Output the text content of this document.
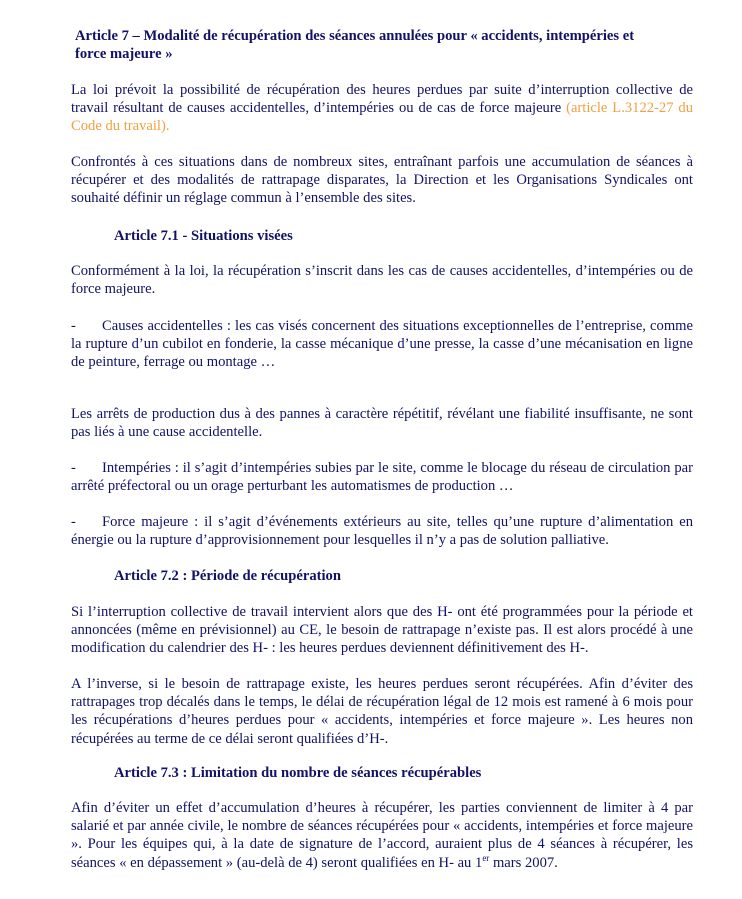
Article 7 – Modalité de récupération des séances annulées pour « accidents, intempéries et
force majeure »

La loi prévoit la possibilité de récupération des heures perdues par suite d’interruption collective de travail résultant de causes accidentelles, d’intempéries ou de cas de force majeure (article L.3122-27 du Code du travail).

Confrontés à ces situations dans de nombreux sites, entraînant parfois une accumulation de séances à récupérer et des modalités de rattrapage disparates, la Direction et les Organisations Syndicales ont souhaité définir un réglage commun à l’ensemble des sites.

Article 7.1 - Situations visées

Conformément à la loi, la récupération s’inscrit dans les cas de causes accidentelles, d’intempéries ou de force majeure.

- Causes accidentelles : les cas visés concernent des situations exceptionnelles de l’entreprise, comme la rupture d’un cubilot en fonderie, la casse mécanique d’une presse, la casse d’une mécanisation en ligne de peinture, ferrage ou montage …

Les arrêts de production dus à des pannes à caractère répétitif, révélant une fiabilité insuffisante, ne sont pas liés à une cause accidentelle.

- Intempéries : il s’agit d’intempéries subies par le site, comme le blocage du réseau de circulation par arrêté préfectoral ou un orage perturbant les automatismes de production …

- Force majeure : il s’agit d’événements extérieurs au site, telles qu’une rupture d’alimentation en énergie ou la rupture d’approvisionnement pour lesquelles il n’y a pas de solution palliative.

Article 7.2 : Période de récupération

Si l’interruption collective de travail intervient alors que des H- ont été programmées pour la période et annoncées (même en prévisionnel) au CE, le besoin de rattrapage n’existe pas. Il est alors procédé à une modification du calendrier des H- : les heures perdues deviennent définitivement des H-.

A l’inverse, si le besoin de rattrapage existe, les heures perdues seront récupérées. Afin d’éviter des rattrapages trop décalés dans le temps, le délai de récupération légal de 12 mois est ramené à 6 mois pour les récupérations d’heures perdues pour « accidents, intempéries et force majeure ». Les heures non récupérées au terme de ce délai seront qualifiées d’H-.

Article 7.3 : Limitation du nombre de séances récupérables

Afin d’éviter un effet d’accumulation d’heures à récupérer, les parties conviennent de limiter à 4 par salarié et par année civile, le nombre de séances récupérées pour « accidents, intempéries et force majeure ». Pour les équipes qui, à la date de signature de l’accord, auraient plus de 4 séances à récupérer, les séances « en dépassement » (au-delà de 4) seront qualifiées en H- au 1er mars 2007.
